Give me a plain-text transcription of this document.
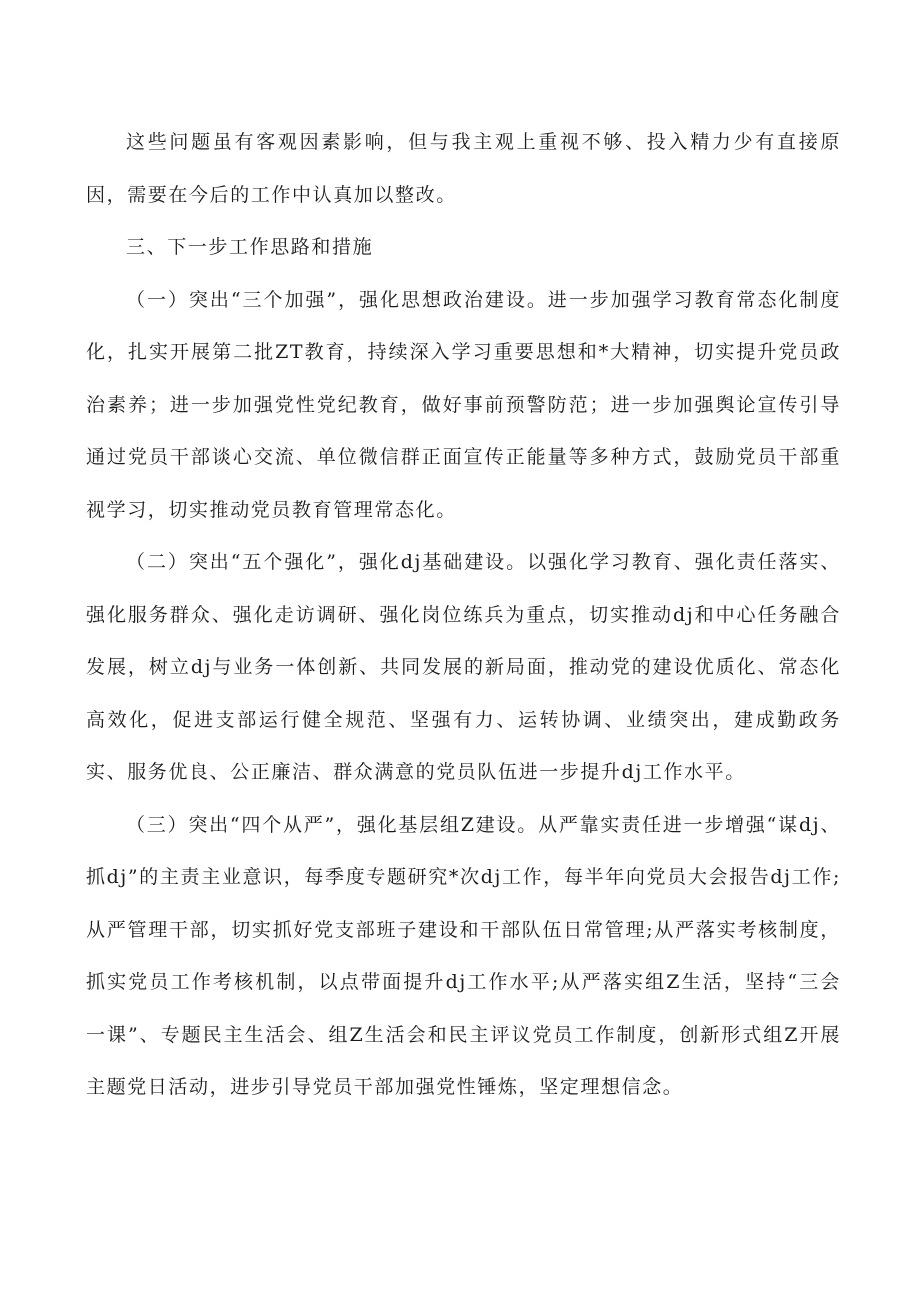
这些问题虽有客观因素影响，但与我主观上重视不够、投入精力少有直接原因，需要在今后的工作中认真加以整改。

三、下一步工作思路和措施

（一）突出“三个加强”，强化思想政治建设。进一步加强学习教育常态化制度化，扎实开展第二批ZT教育，持续深入学习重要思想和*大精神，切实提升党员政治素养；进一步加强党性党纪教育，做好事前预警防范；进一步加强舆论宣传引导通过党员干部谈心交流、单位微信群正面宣传正能量等多种方式，鼓励党员干部重视学习，切实推动党员教育管理常态化。

（二）突出“五个强化”，强化dj基础建设。以强化学习教育、强化责任落实、强化服务群众、强化走访调研、强化岗位练兵为重点，切实推动dj和中心任务融合发展，树立dj与业务一体创新、共同发展的新局面，推动党的建设优质化、常态化高效化，促进支部运行健全规范、坚强有力、运转协调、业绩突出，建成勤政务实、服务优良、公正廉洁、群众满意的党员队伍进一步提升dj工作水平。

（三）突出“四个从严”，强化基层组Z建设。从严靠实责任进一步增强“谋dj、抓dj”的主责主业意识，每季度专题研究*次dj工作，每半年向党员大会报告dj工作;从严管理干部，切实抓好党支部班子建设和干部队伍日常管理;从严落实考核制度，抓实党员工作考核机制，以点带面提升dj工作水平;从严落实组Z生活，坚持“三会一课”、专题民主生活会、组Z生活会和民主评议党员工作制度，创新形式组Z开展主题党日活动，进步引导党员干部加强党性锤炼，坚定理想信念。
